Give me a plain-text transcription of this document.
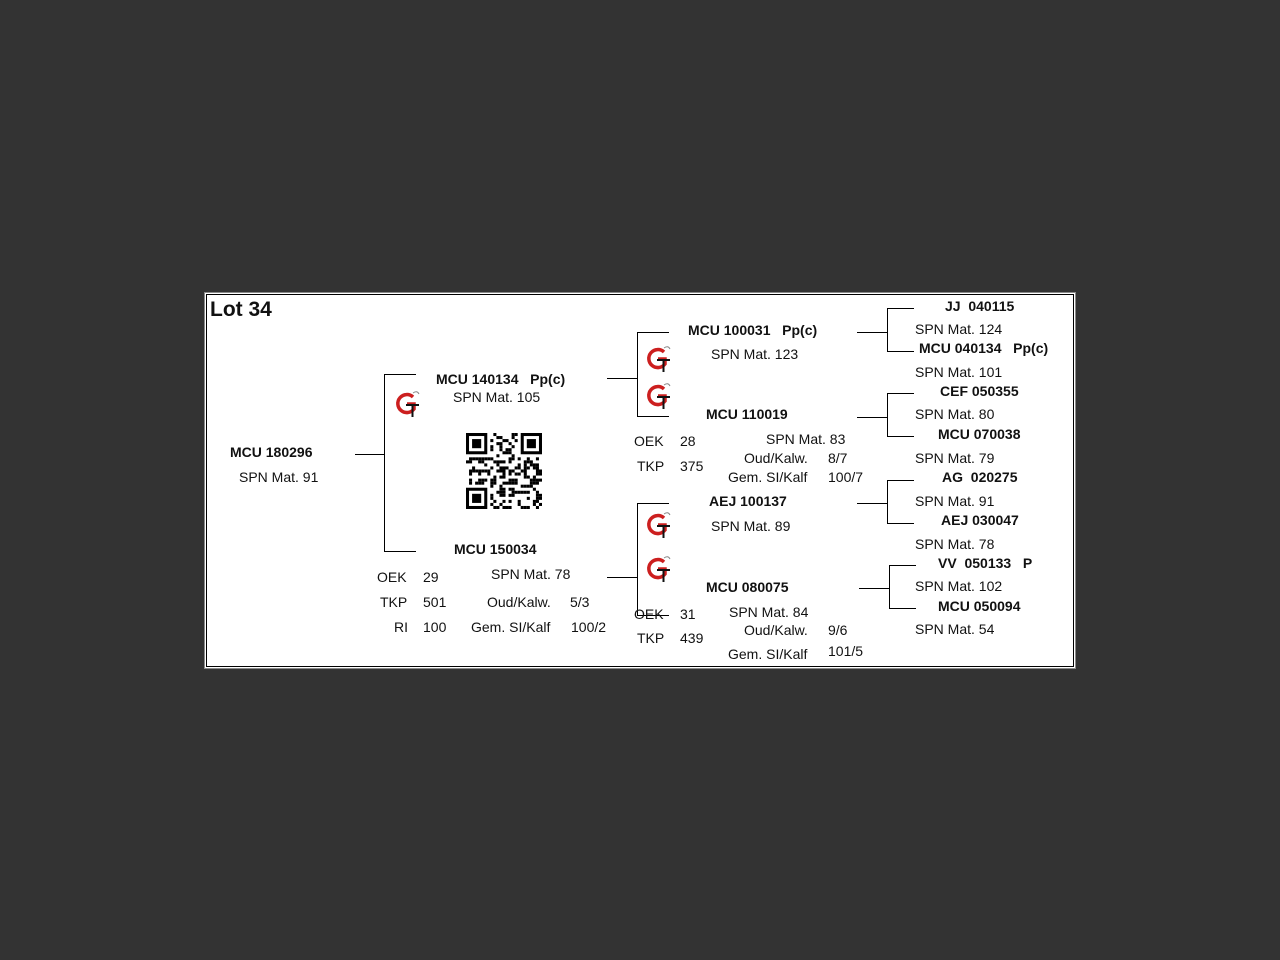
Lot 34
MCU 180296
SPN Mat. 91
MCU 140134 Pp(c)
SPN Mat. 105
MCU 150034
OEK 29	SPN Mat. 78
TKP 501	Oud/Kalw. 5/3
RI 100 Gem. SI/Kalf 100/2
MCU 100031 Pp(c)
SPN Mat. 123
MCU 110019
OEK 28	SPN Mat. 83
Oud/Kalw. 8/7
TKP 375
Gem. SI/Kalf 100/7
AEJ 100137
SPN Mat. 89
MCU 080075
OEK 31 SPN Mat. 84
Oud/Kalw. 9/6
TKP 439
Gem. SI/Kalf 101/5
JJ  040115
SPN Mat. 124
MCU 040134 Pp(c)
SPN Mat. 101
CEF 050355
SPN Mat. 80
MCU 070038
SPN Mat. 79
AG  020275
SPN Mat. 91
AEJ 030047
SPN Mat. 78
VV  050133 P
SPN Mat. 102
MCU 050094
SPN Mat. 54
